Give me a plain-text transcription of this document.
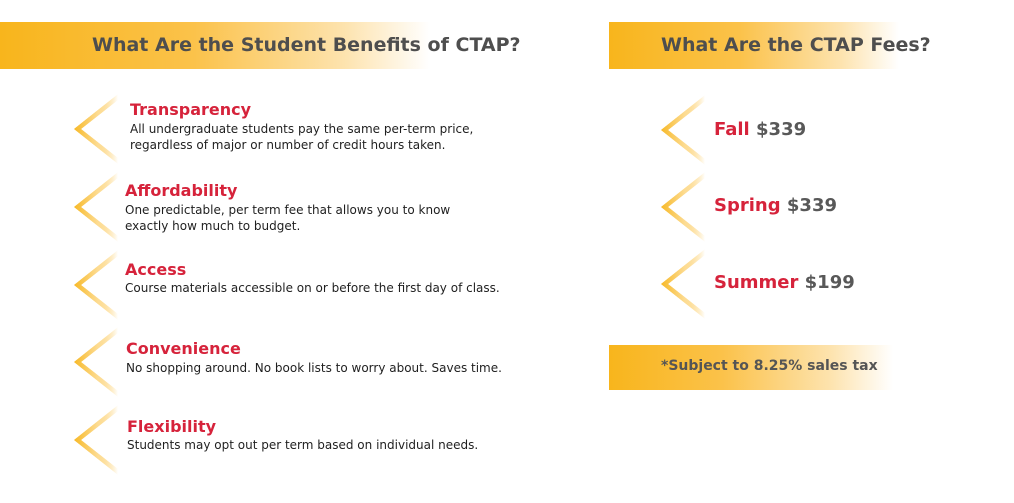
What Are the Student Benefits of CTAP?	What Are the CTAP Fees?
Transparency
All undergraduate students pay the same per-term price,
regardless of major or number of credit hours taken.
Affordability
One predictable, per term fee that allows you to know
exactly how much to budget.
Access
Course materials accessible on or before the first day of class.
Convenience
No shopping around. No book lists to worry about. Saves time.
Flexibility
Students may opt out per term based on individual needs.
Fall $339
Spring $339
Summer $199
*Subject to 8.25% sales tax
